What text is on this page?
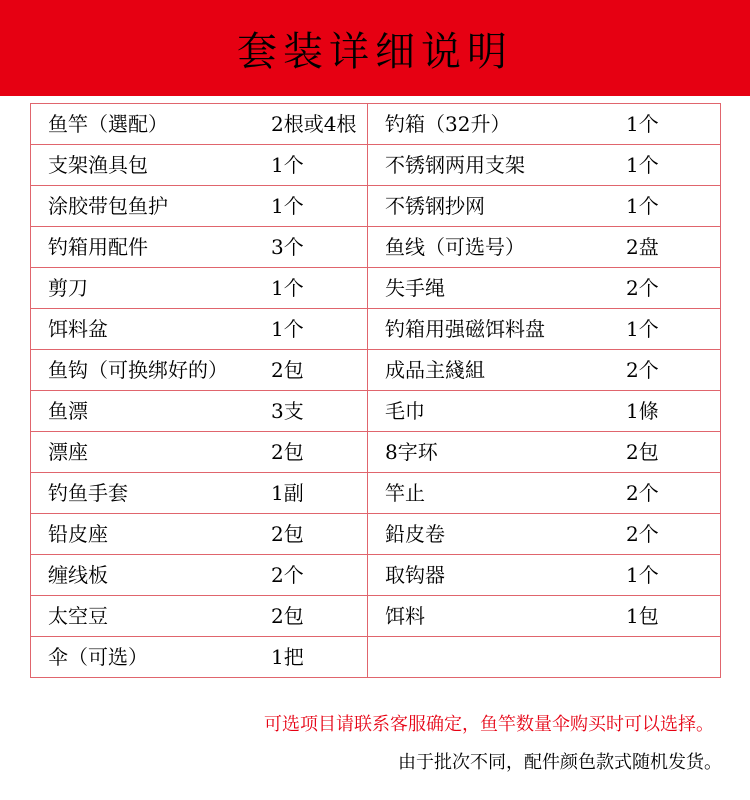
套装详细说明
鱼竿（選配）	2根或4根 钓箱（32升）	1个
支架渔具包	1个	不锈钢两用支架	1个
涂胶带包鱼护	1个	不锈钢抄网	1个
钓箱用配件	3个	鱼线（可选号）	2盘
剪刀	1个	失手绳	2个
饵料盆	1个	钓箱用强磁饵料盘	1个
鱼钩（可换绑好的） 2包	成品主綫組	2个
鱼漂	3支	毛巾	1條
漂座	2包	8字环	2包
钓鱼手套	1副	竿止	2个
铅皮座	2包	鉛皮卷	2个
缠线板	2个	取钩器	1个
太空豆	2包	饵料	1包
伞（可选）	1把
可选项目请联系客服确定，鱼竿数量伞购买时可以选择。
由于批次不同，配件颜色款式随机发货。
